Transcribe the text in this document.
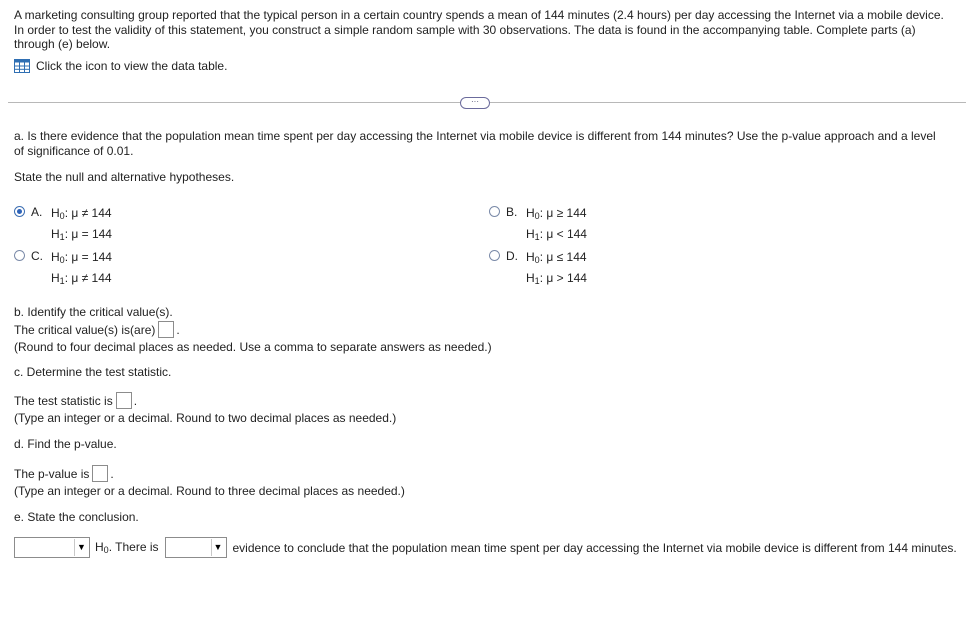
A marketing consulting group reported that the typical person in a certain country spends a mean of 144 minutes (2.4 hours) per day accessing the Internet via a mobile device. In order to test the validity of this statement, you construct a simple random sample with 30 observations. The data is found in the accompanying table. Complete parts (a) through (e) below.
Click the icon to view the data table.
···
a. Is there evidence that the population mean time spent per day accessing the Internet via mobile device is different from 144 minutes? Use the p-value approach and a level of significance of 0.01.
State the null and alternative hypotheses.
A. $H_0$: μ ≠ 144
$H_1$: μ = 144
B. $H_0$: μ ≥ 144
$H_1$: μ < 144
C. $H_0$: μ = 144
$H_1$: μ ≠ 144
D. $H_0$: μ ≤ 144
$H_1$: μ > 144
b. Identify the critical value(s).
The critical value(s) is(are) .
(Round to four decimal places as needed. Use a comma to separate answers as needed.)
c. Determine the test statistic.
The test statistic is .
(Type an integer or a decimal. Round to two decimal places as needed.)
d. Find the p-value.
The p-value is .
(Type an integer or a decimal. Round to three decimal places as needed.)
e. State the conclusion.
▼ $H_0$. There is	▼ evidence to conclude that the population mean time spent per day accessing the Internet via mobile device is different from 144 minutes.
